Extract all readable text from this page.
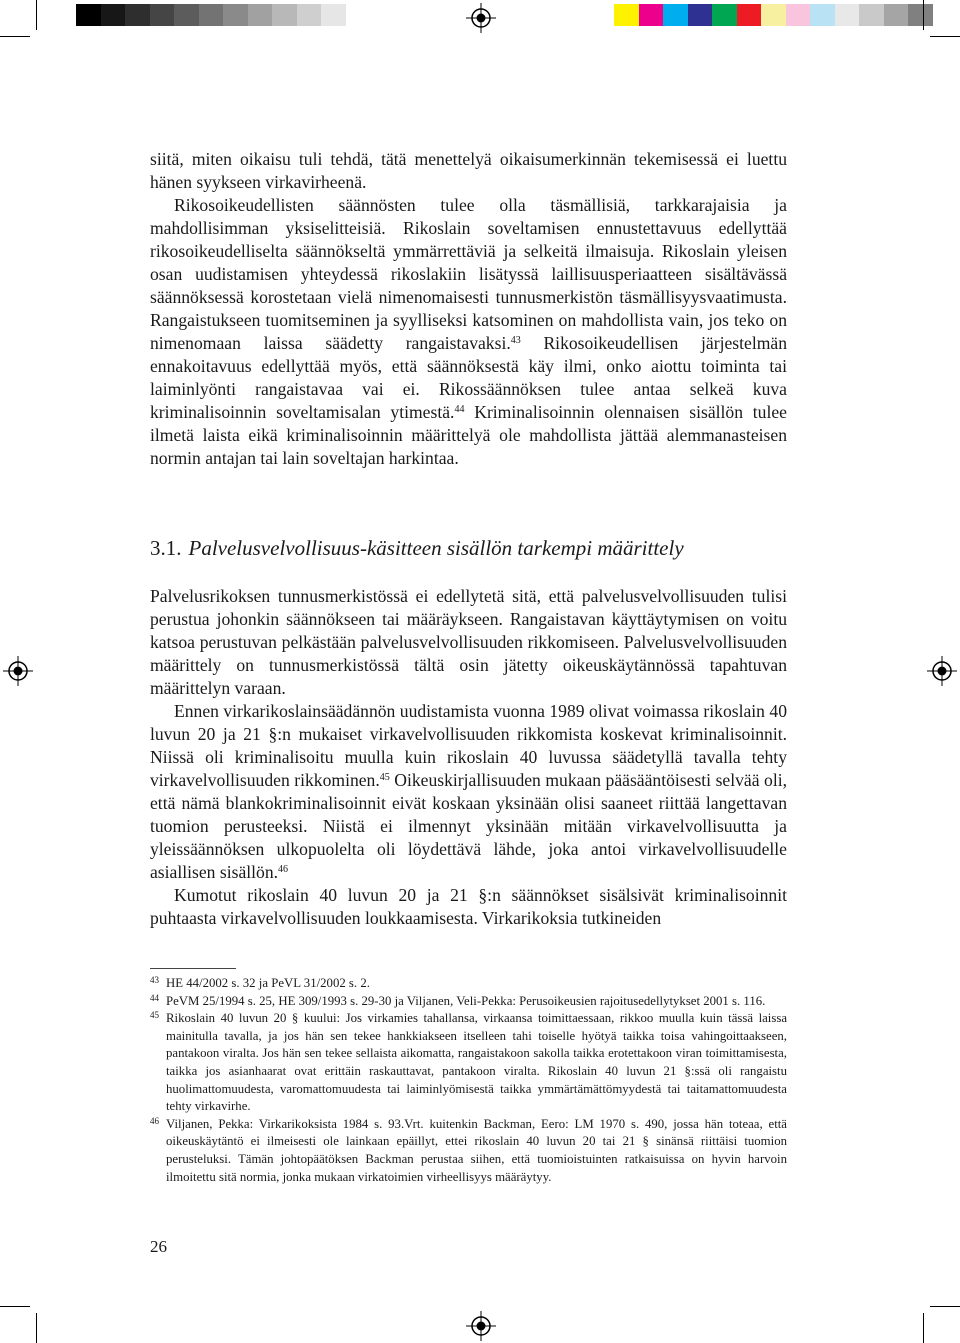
siitä, miten oikaisu tuli tehdä, tätä menettelyä oikaisumerkinnän tekemisessä ei luettu hänen syykseen virkavirheenä.

Rikosoikeudellisten säännösten tulee olla täsmällisiä, tarkkarajaisia ja mahdollisimman yksiselitteisiä. Rikoslain soveltamisen ennustettavuus edellyttää rikosoikeudelliselta säännökseltä ymmärrettäviä ja selkeitä ilmaisuja. Rikoslain yleisen osan uudistamisen yhteydessä rikoslakiin lisätyssä laillisuusperiaatteen sisältävässä säännöksessä korostetaan vielä nimenomaisesti tunnusmerkistön täsmällisyysvaatimusta. Rangaistukseen tuomitseminen ja syylliseksi katsominen on mahdollista vain, jos teko on nimenomaan laissa säädetty rangaistavaksi.$^{43}$ Rikosoikeudellisen järjestelmän ennakoitavuus edellyttää myös, että säännöksestä käy ilmi, onko aiottu toiminta tai laiminlyönti rangaistavaa vai ei. Rikossäännöksen tulee antaa selkeä kuva kriminalisoinnin soveltamisalan ytimestä.$^{44}$ Kriminalisoinnin olennaisen sisällön tulee ilmetä laista eikä kriminalisoinnin määrittelyä ole mahdollista jättää alemmanasteisen normin antajan tai lain soveltajan harkintaa.

3.1. Palvelusvelvollisuus-käsitteen sisällön tarkempi määrittely

Palvelusrikoksen tunnusmerkistössä ei edellytetä sitä, että palvelusvelvollisuuden tulisi perustua johonkin säännökseen tai määräykseen. Rangaistavan käyttäytymisen on voitu katsoa perustuvan pelkästään palvelusvelvollisuuden rikkomiseen. Palvelusvelvollisuuden määrittely on tunnusmerkistössä tältä osin jätetty oikeuskäytännössä tapahtuvan määrittelyn varaan.

Ennen virkarikoslainsäädännön uudistamista vuonna 1989 olivat voimassa rikoslain 40 luvun 20 ja 21 §:n mukaiset virkavelvollisuuden rikkomista koskevat kriminalisoinnit. Niissä oli kriminalisoitu muulla kuin rikoslain 40 luvussa säädetyllä tavalla tehty virkavelvollisuuden rikkominen.$^{45}$ Oikeuskirjallisuuden mukaan pääsääntöisesti selvää oli, että nämä blankokriminalisoinnit eivät koskaan yksinään olisi saaneet riittää langettavan tuomion perusteeksi. Niistä ei ilmennyt yksinään mitään virkavelvollisuutta ja yleissäännöksen ulkopuolelta oli löydettävä lähde, joka antoi virkavelvollisuudelle asiallisen sisällön.$^{46}$

Kumotut rikoslain 40 luvun 20 ja 21 §:n säännökset sisälsivät kriminalisoinnit puhtaasta virkavelvollisuuden loukkaamisesta. Virkarikoksia tutkineiden

43 HE 44/2002 s. 32 ja PeVL 31/2002 s. 2.

44 PeVM 25/1994 s. 25, HE 309/1993 s. 29-30 ja Viljanen, Veli-Pekka: Perusoikeusien rajoitusedellytykset 2001 s. 116.

45 Rikoslain 40 luvun 20 § kuului: Jos virkamies tahallansa, virkaansa toimittaessaan, rikkoo muulla kuin tässä laissa mainitulla tavalla, ja jos hän sen tekee hankkiakseen itselleen tahi toiselle hyötyä taikka toisa vahingoittaakseen, pantakoon viralta. Jos hän sen tekee sellaista aikomatta, rangaistakoon sakolla taikka erotettakoon viran toimittamisesta, taikka jos asianhaarat ovat erittäin raskauttavat, pantakoon viralta. Rikoslain 40 luvun 21 §:ssä oli rangaistu huolimattomuudesta, varomattomuudesta tai laiminlyömisestä taikka ymmärtämättömyydestä tai taitamattomuudesta tehty virkavirhe.

46 Viljanen, Pekka: Virkarikoksista 1984 s. 93.Vrt. kuitenkin Backman, Eero: LM 1970 s. 490, jossa hän toteaa, että oikeuskäytäntö ei ilmeisesti ole lainkaan epäillyt, ettei rikoslain 40 luvun 20 tai 21 § sinänsä riittäisi tuomion perusteluksi. Tämän johtopäätöksen Backman perustaa siihen, että tuomioistuinten ratkaisuissa on hyvin harvoin ilmoitettu sitä normia, jonka mukaan virkatoimien virheellisyys määräytyy.

26
